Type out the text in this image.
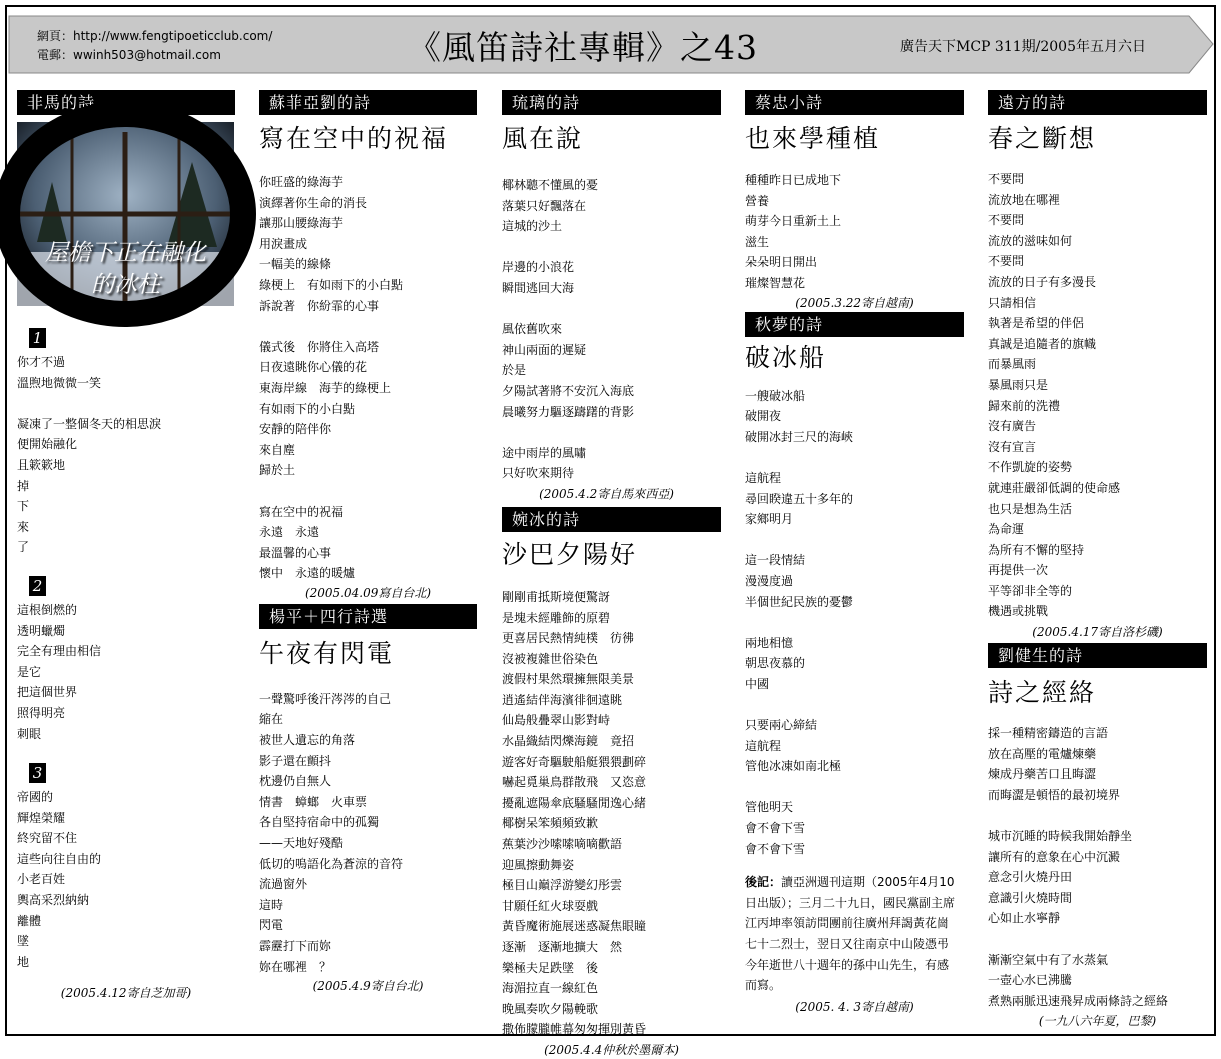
網頁：http://www.fengtipoeticclub.com/
電郵：wwinh503@hotmail.com	《風笛詩社專輯》之43	廣告天下MCP 311期/2005年五月六日
非馬的詩
屋檐下正在融化
的冰柱
1
你才不過
溫煦地微微一笑
凝凍了一整個冬天的相思淚
便開始融化
且簌簌地
掉
下
來
了
2
這根倒燃的
透明蠟燭
完全有理由相信
是它
把這個世界
照得明亮
刺眼
3
帝國的
輝煌榮耀
終究留不住
這些向往自由的
小老百姓
輿高采烈納納
離體
墜
地
(2005.4.12寄自芝加哥)
蘇菲亞劉的詩
寫在空中的祝福
你旺盛的綠海芋
演繹著你生命的消長
讓那山腰綠海芋
用淚畫成
一幅美的線條
綠梗上　有如雨下的小白點
訴說著　你紛霏的心事
儀式後　你將住入高塔
日夜遠眺你心儀的花
東海岸線　海芋的綠梗上
有如雨下的小白點
安靜的陪伴你
來自塵
歸於土
寫在空中的祝福
永遠　永遠
最溫馨的心事
懷中　永遠的暖爐
(2005.04.09寫自台北)
楊平＋四行詩選
午夜有閃電
一聲驚呼後汗涔涔的自己
縮在
被世人遺忘的角落
影子還在顫抖
枕邊仍自無人
情書　蟑螂　火車票
各自堅持宿命中的孤獨
——天地好殘酷
低切的嗚語化為蒼涼的音符
流過窗外
這時
閃電
霹靂打下而妳
妳在哪裡　？
(2005.4.9寄自台北)
琉璃的詩
風在說
椰林聽不懂風的憂
落葉只好飄落在
這城的沙土
岸邊的小浪花
瞬間逃回大海
風依舊吹來
神山兩面的遲疑
於是
夕陽試著將不安沉入海底
晨曦努力驅逐躊躇的背影
途中雨岸的風嘯
只好吹來期待
(2005.4.2寄自馬來西亞)
婉冰的詩
沙巴夕陽好
剛剛甫抵斯境便驚訝
是塊未經雕飾的原碧
更喜居民熱情純樸　彷彿
沒被複雜世俗染色
渡假村果然環擁無限美景
逍遙結伴海濱徘徊遠眺
仙島般疊翠山影對峙
水晶織結閃爍海鏡　竟招
遊客好奇驅駛船艇猥猥劃碎
嚇起覓巢鳥群散飛　又恣意
擾亂遮陽傘底騷騷閒逸心緒
椰樹呆笨頻頻致歉
蕉葉沙沙嗦嗦嘀嘀歡語
迎風擦動舞姿
極目山巔浮游變幻彤雲
甘願任紅火球耍戲
黃昏魔術施展迷惑凝焦眼瞳
逐漸　逐漸地擴大　然
樂極夫足跌墜　後
海湄拉直一線紅色
晚風奏吹夕陽輓歌
撒佈朦朧帷幕匆匆揮別黃昏
(2005.4.4仲秋於墨爾本)
蔡忠小詩
也來學種植
種種昨日已成地下
營養
萌芽今日重新土上
滋生
朵朵明日開出
璀燦智慧花
(2005.3.22寄自越南)
秋夢的詩
破冰船
一艘破冰船
破開夜
破開冰封三尺的海峽
這航程
尋回睽違五十多年的
家鄉明月
這一段情結
漫漫度過
半個世紀民族的憂鬱
兩地相憶
朝思夜慕的
中國
只要兩心締結
這航程
管他冰凍如南北極
管他明天
會不會下雪
會不會下雪
後記：讀亞洲週刊這期（2005年4月10日出版）；三月二十九日，國民黨副主席江丙坤率領訪問團前往廣州拜謁黃花崗七十二烈士，翌日又往南京中山陵憑弔今年逝世八十週年的孫中山先生，有感而寫。
(2005. 4. 3寄自越南)
遠方的詩
春之斷想
不要問
流放地在哪裡
不要問
流放的滋味如何
不要問
流放的日子有多漫長
只請相信
執著是希望的伴侶
真誠是追隨者的旗幟
而暴風雨
暴風雨只是
歸來前的洗禮
沒有廣告
沒有宣言
不作凱旋的姿勢
就連莊嚴卻低調的使命感
也只是想為生活
為命運
為所有不懈的堅持
再提供一次
平等卻非全等的
機遇或挑戰
(2005.4.17寄自洛杉磯)
劉健生的詩
詩之經絡
採一種精密鑄造的言語
放在高壓的電爐煉藥
煉成丹藥苦口且晦澀
而晦澀是頓悟的最初境界
城市沉睡的時候我開始靜坐
讓所有的意象在心中沉澱
意念引火燒丹田
意識引火燒時間
心如止水寧靜
漸漸空氣中有了水蒸氣
一壺心水已沸騰
煮熟兩脈迅速飛昇成兩條詩之經絡
(一九八六年夏，巴黎)
